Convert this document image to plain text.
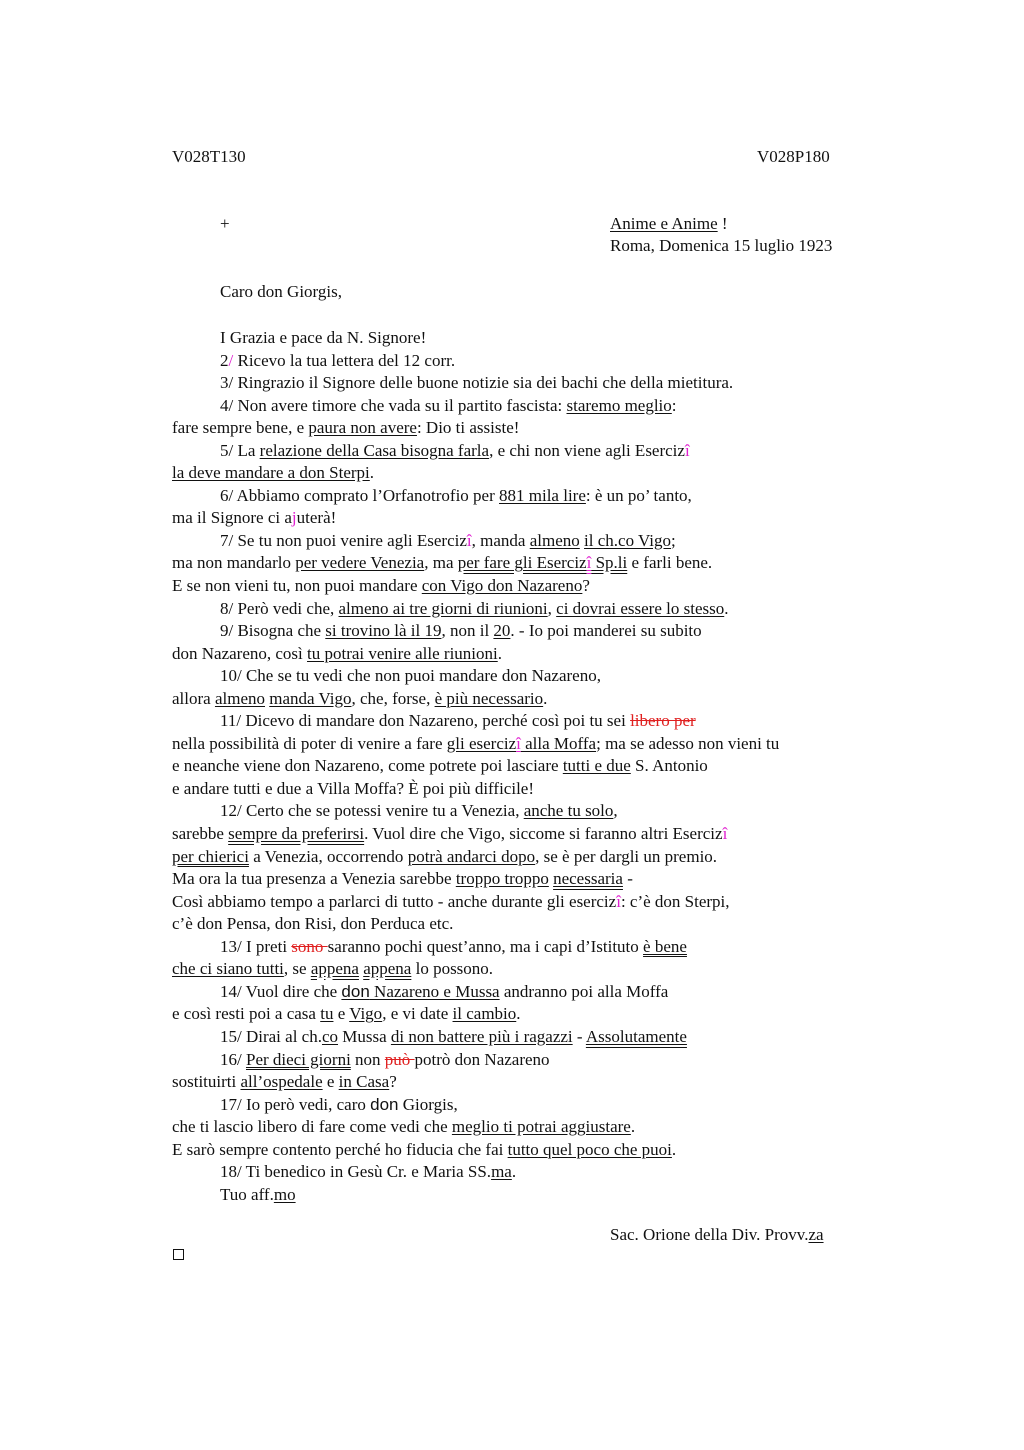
V028T130	V028P180
+	Anime e Anime !
Roma, Domenica 15 luglio 1923
Caro don Giorgis,
I Grazia e pace da N. Signore!
2/ Ricevo la tua lettera del 12 corr.
3/ Ringrazio il Signore delle buone notizie sia dei bachi che della mietitura.
4/ Non avere timore che vada su il partito fascista: staremo meglio:
fare sempre bene, e paura non avere: Dio ti assiste!
5/ La relazione della Casa bisogna farla, e chi non viene agli Esercizî
la deve mandare a don Sterpi.
6/ Abbiamo comprato l’Orfanotrofio per 881 mila lire: è un po’ tanto,
ma il Signore ci ajuterà!
7/ Se tu non puoi venire agli Esercizî, manda almeno il ch.co Vigo;
ma non mandarlo per vedere Venezia, ma per fare gli Esercizî Sp.li e farli bene.
E se non vieni tu, non puoi mandare con Vigo don Nazareno?
8/ Però vedi che, almeno ai tre giorni di riunioni, ci dovrai essere lo stesso.
9/ Bisogna che si trovino là il 19, non il 20. - Io poi manderei su subito
don Nazareno, così tu potrai venire alle riunioni.
10/ Che se tu vedi che non puoi mandare don Nazareno,
allora almeno manda Vigo, che, forse, è più necessario.
11/ Dicevo di mandare don Nazareno, perché così poi tu sei libero per
nella possibilità di poter di venire a fare gli esercizî alla Moffa; ma se adesso non vieni tu
e neanche viene don Nazareno, come potrete poi lasciare tutti e due S. Antonio
e andare tutti e due a Villa Moffa? È poi più difficile!
12/ Certo che se potessi venire tu a Venezia, anche tu solo,
sarebbe sempre da preferirsi. Vuol dire che Vigo, siccome si faranno altri Esercizî
per chierici a Venezia, occorrendo potrà andarci dopo, se è per dargli un premio.
Ma ora la tua presenza a Venezia sarebbe troppo troppo necessaria -
Così abbiamo tempo a parlarci di tutto - anche durante gli esercizî: c’è don Sterpi,
c’è don Pensa, don Risi, don Perduca etc.
13/ I preti sono saranno pochi quest’anno, ma i capi d’Istituto è bene
che ci siano tutti, se appena appena lo possono.
14/ Vuol dire che don Nazareno e Mussa andranno poi alla Moffa
e così resti poi a casa tu e Vigo, e vi date il cambio.
15/ Dirai al ch.co Mussa di non battere più i ragazzi - Assolutamente
16/ Per dieci giorni non può potrò don Nazareno
sostituirti all’ospedale e in Casa?
17/ Io però vedi, caro don Giorgis,
che ti lascio libero di fare come vedi che meglio ti potrai aggiustare.
E sarò sempre contento perché ho fiducia che fai tutto quel poco che puoi.
18/ Ti benedico in Gesù Cr. e Maria SS.ma.
Tuo aff.mo
Sac. Orione della Div. Provv.za
